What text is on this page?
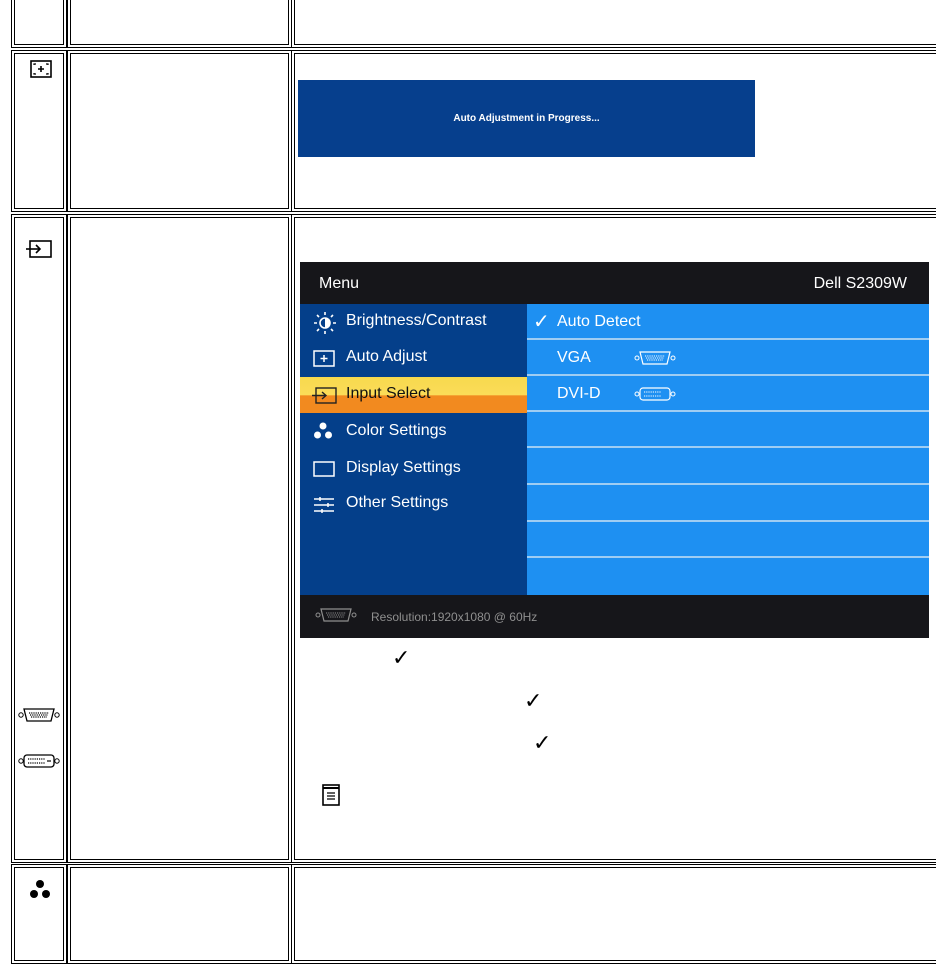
Auto Adjustment in Progress...
Menu	Dell S2309W
Brightness/Contrast
Auto Adjust
Input Select
Color Settings
Display Settings
Other Settings
✓ Auto Detect
VGA
DVI-D
Resolution:1920x1080 @ 60Hz
✓
✓
✓
